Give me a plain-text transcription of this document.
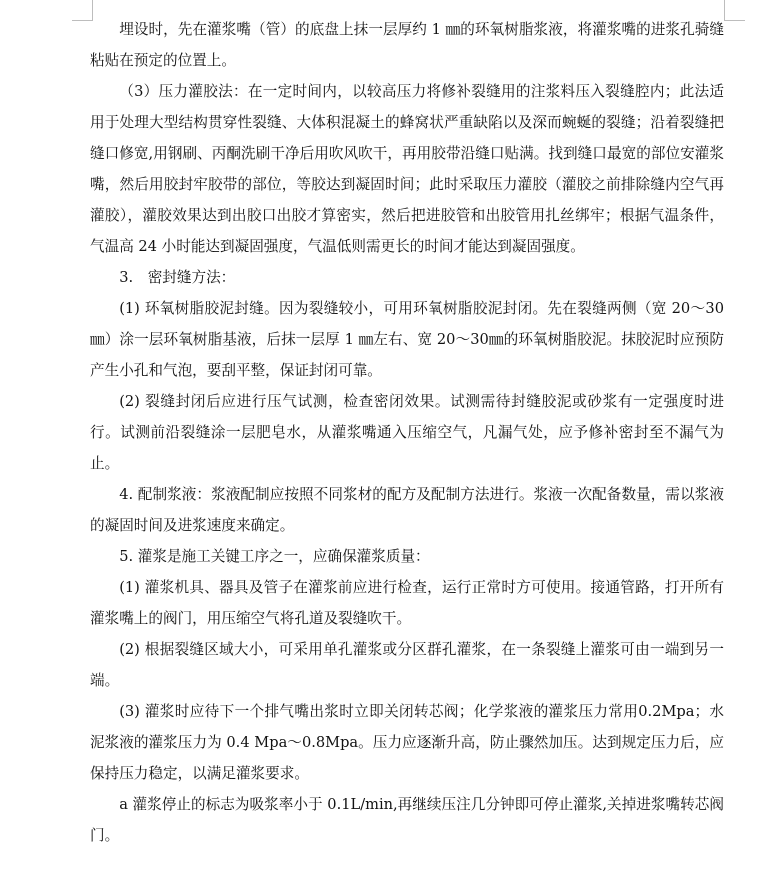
埋设时，先在灌浆嘴（管）的底盘上抹一层厚约 1 ㎜的环氧树脂浆液，将灌浆嘴的进浆孔骑缝粘贴在预定的位置上。

（3）压力灌胶法：在一定时间内，以较高压力将修补裂缝用的注浆料压入裂缝腔内；此法适用于处理大型结构贯穿性裂缝、大体积混凝土的蜂窝状严重缺陷以及深而蜿蜒的裂缝；沿着裂缝把缝口修宽,用钢刷、丙酮洗刷干净后用吹风吹干，再用胶带沿缝口贴满。找到缝口最宽的部位安灌浆嘴，然后用胶封牢胶带的部位，等胶达到凝固时间；此时采取压力灌胶（灌胶之前排除缝内空气再灌胶），灌胶效果达到出胶口出胶才算密实，然后把进胶管和出胶管用扎丝绑牢；根据气温条件，气温高 24 小时能达到凝固强度，气温低则需更长的时间才能达到凝固强度。

3.　密封缝方法：

(1) 环氧树脂胶泥封缝。因为裂缝较小，可用环氧树脂胶泥封闭。先在裂缝两侧（宽 20～30㎜）涂一层环氧树脂基液，后抹一层厚 1 ㎜左右、宽 20～30㎜的环氧树脂胶泥。抹胶泥时应预防产生小孔和气泡，要刮平整，保证封闭可靠。

(2) 裂缝封闭后应进行压气试测，检查密闭效果。试测需待封缝胶泥或砂浆有一定强度时进行。试测前沿裂缝涂一层肥皂水，从灌浆嘴通入压缩空气，凡漏气处，应予修补密封至不漏气为止。

4. 配制浆液：浆液配制应按照不同浆材的配方及配制方法进行。浆液一次配备数量，需以浆液的凝固时间及进浆速度来确定。

5. 灌浆是施工关键工序之一，应确保灌浆质量：

(1) 灌浆机具、器具及管子在灌浆前应进行检查，运行正常时方可使用。接通管路，打开所有灌浆嘴上的阀门，用压缩空气将孔道及裂缝吹干。

(2) 根据裂缝区域大小，可采用单孔灌浆或分区群孔灌浆，在一条裂缝上灌浆可由一端到另一端。

(3) 灌浆时应待下一个排气嘴出浆时立即关闭转芯阀；化学浆液的灌浆压力常用0.2Mpa；水泥浆液的灌浆压力为 0.4 Mpa～0.8Mpa。压力应逐渐升高，防止骤然加压。达到规定压力后，应保持压力稳定，以满足灌浆要求。

a 灌浆停止的标志为吸浆率小于 0.1L/min,再继续压注几分钟即可停止灌浆,关掉进浆嘴转芯阀门。
